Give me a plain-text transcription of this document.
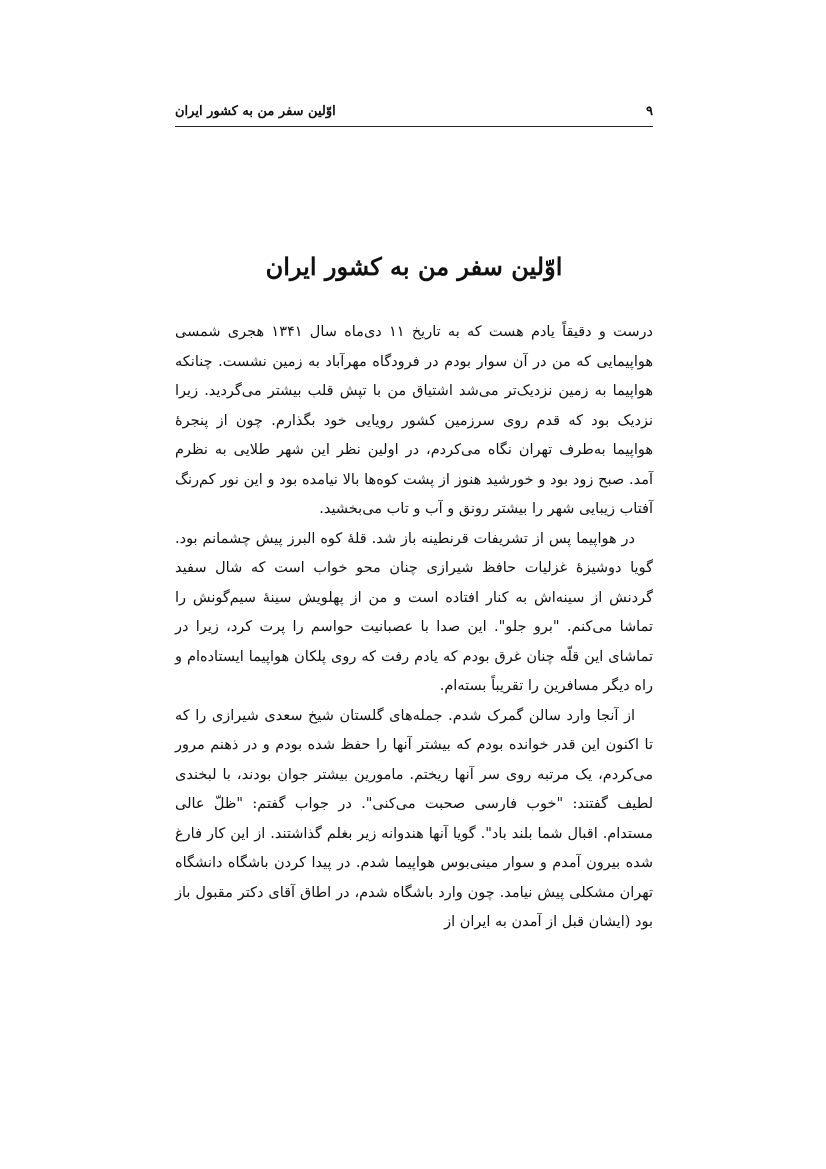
۹
اوّلین سفر من به کشور ایران
اوّلین سفر من به کشور ایران

درست و دقیقاً یادم هست که به تاریخ ۱۱ دی‌ماه سال ۱۳۴۱ هجری شمسی هواپیمایی که من در آن سوار بودم در فرودگاه مهرآباد به زمین نشست. چنانکه هواپیما به زمین نزدیک‌تر می‌شد اشتیاق من با تپش قلب بیشتر می‌گردید. زیرا نزدیک بود که قدم روی سرزمین کشور رویایی خود بگذارم. چون از پنجرهٔ هواپیما به‌طرف تهران نگاه می‌کردم، در اولین نظر این شهر طلایی به نظرم آمد. صبح زود بود و خورشید هنوز از پشت کوه‌ها بالا نیامده بود و این نور کم‌رنگ آفتاب زیبایی شهر را بیشتر رونق و آب و تاب می‌بخشید.

در هواپیما پس از تشریفات قرنطینه باز شد. قلهٔ کوه البرز پیش چشمانم بود. گویا دوشیزهٔ غزلیات حافظ شیرازی چنان محو خواب است که شال سفید گردنش از سینه‌اش به کنار افتاده است و من از پهلویش سینهٔ سیم‌گونش را تماشا می‌کنم. "برو جلو". این صدا با عصبانیت حواسم را پرت کرد، زیرا در تماشای این قلّه چنان غرق بودم که یادم رفت که روی پلکان هواپیما ایستاده‌ام و راه دیگر مسافرین را تقریباً بسته‌ام.

از آنجا وارد سالن گمرک شدم. جمله‌های گلستان شیخ سعدی شیرازی را که تا اکنون این قدر خوانده بودم که بیشتر آنها را حفظ شده بودم و در ذهنم مرور می‌کردم، یک مرتبه روی سر آنها ریختم. مامورین بیشتر جوان بودند، با لبخندی لطیف گفتند: "خوب فارسی صحبت می‌کنی". در جواب گفتم: "ظلّ عالی مستدام. اقبال شما بلند باد". گویا آنها هندوانه زیر بغلم گذاشتند. از این کار فارغ شده بیرون آمدم و سوار مینی‌بوس هواپیما شدم. در پیدا کردن باشگاه دانشگاه تهران مشکلی پیش نیامد. چون وارد باشگاه شدم، در اطاق آقای دکتر مقبول باز بود (ایشان قبل از آمدن به ایران از
